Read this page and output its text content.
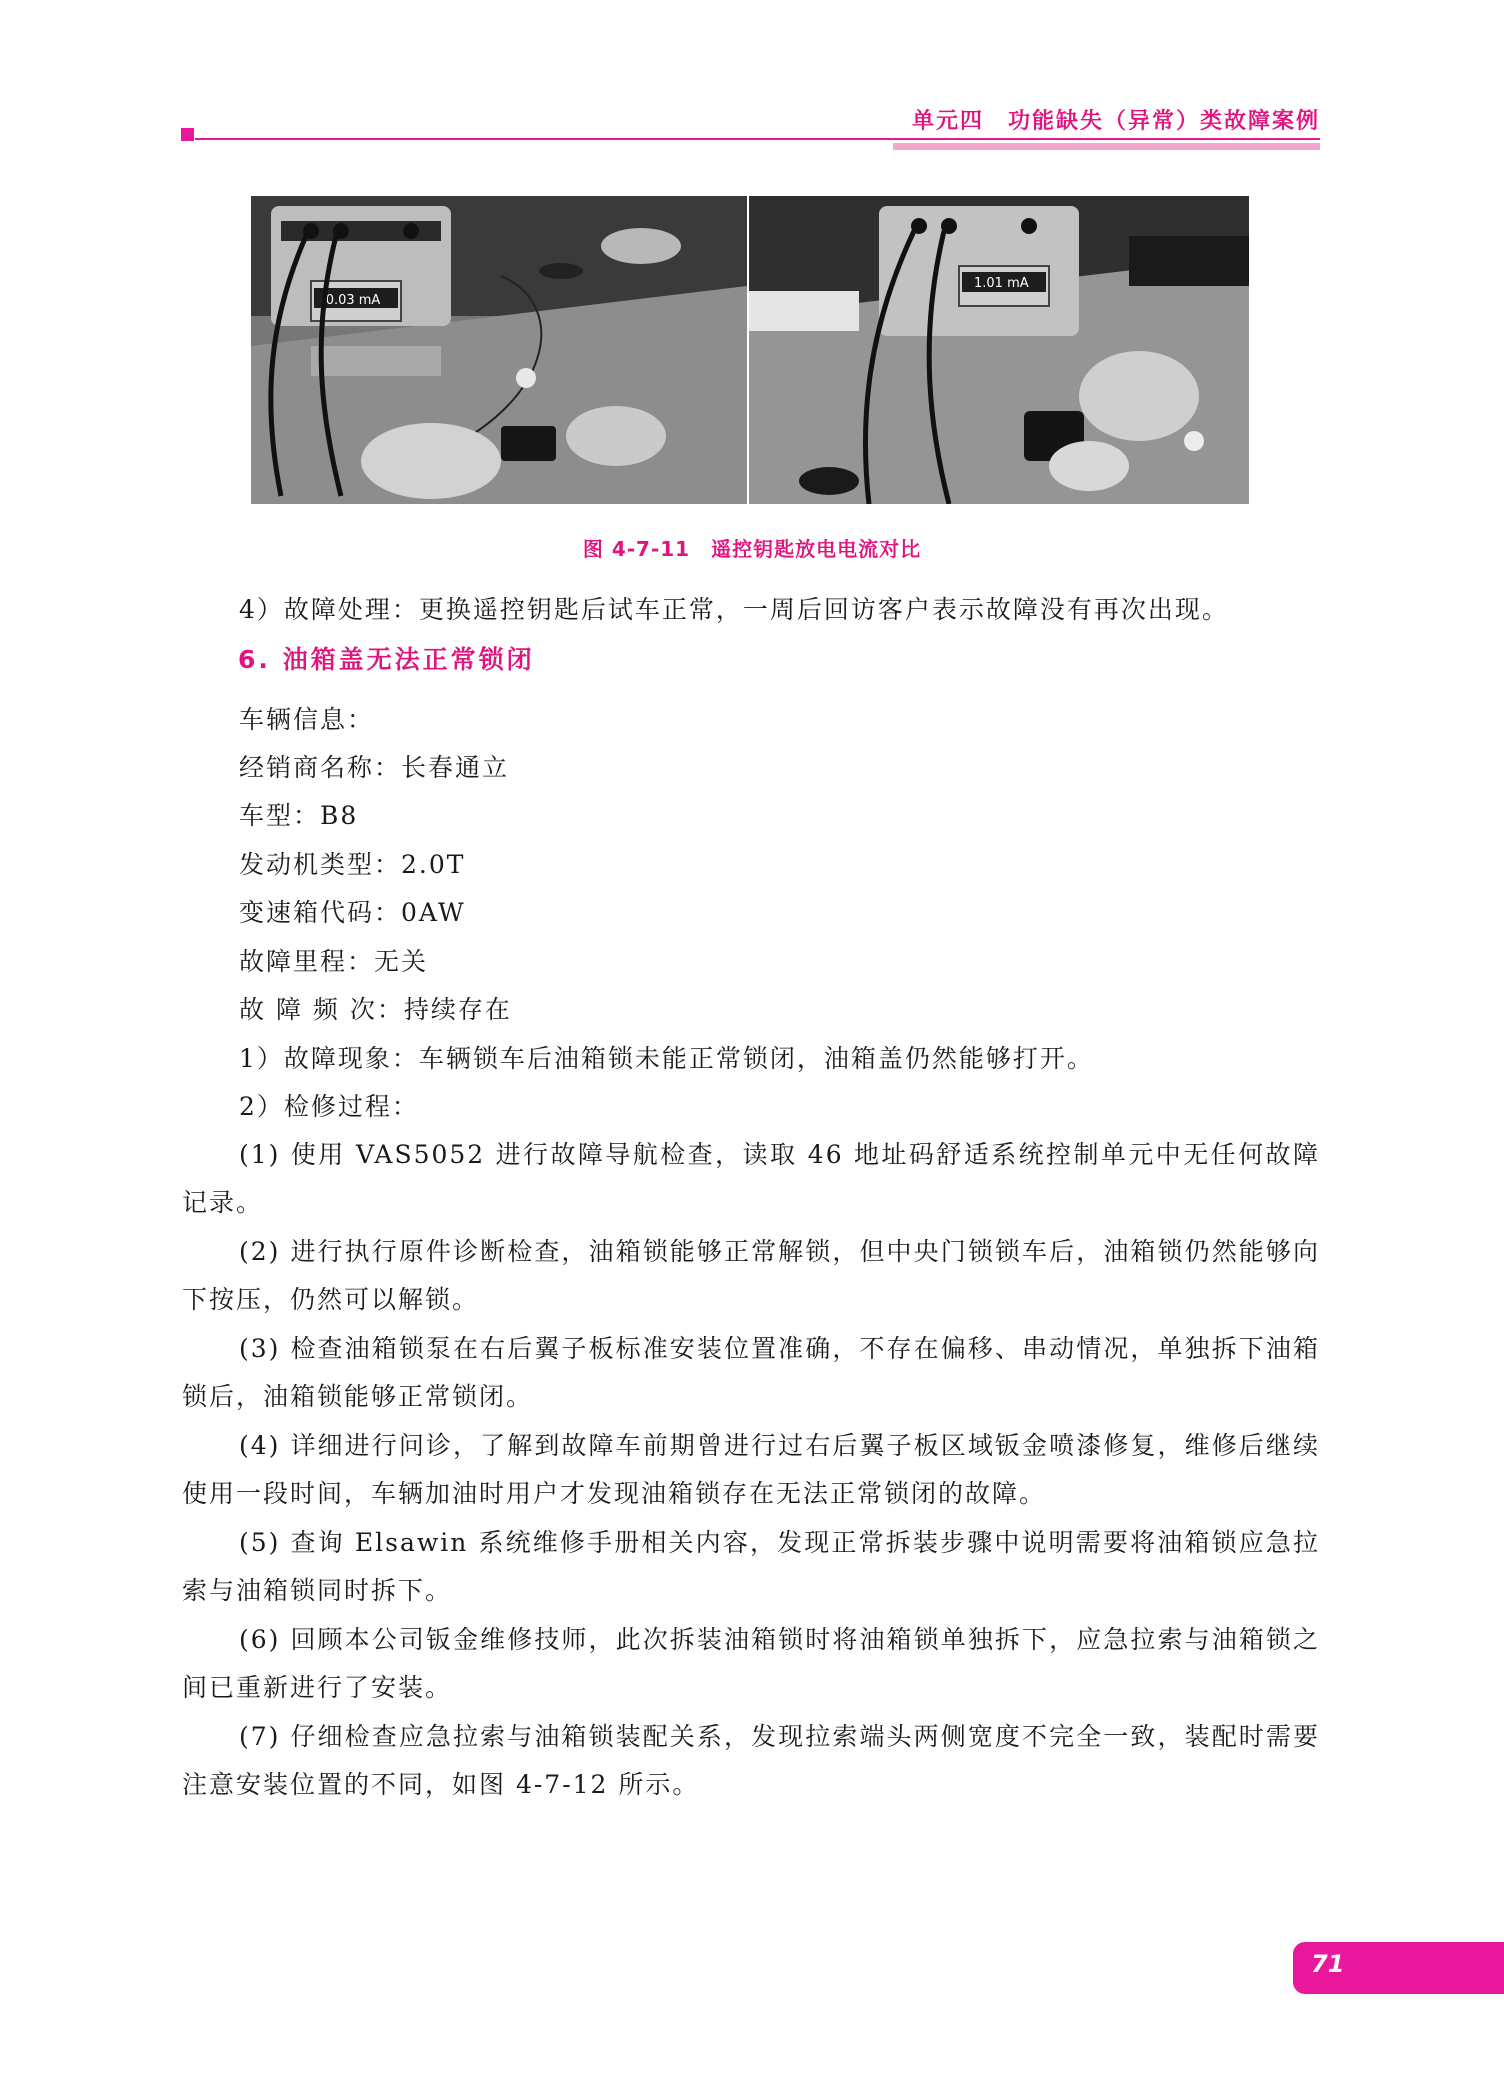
单元四　功能缺失（异常）类故障案例
-0.03 mA
1.01 mA
图 4-7-11　遥控钥匙放电电流对比
4）故障处理：更换遥控钥匙后试车正常，一周后回访客户表示故障没有再次出现。
6. 油箱盖无法正常锁闭
车辆信息：
经销商名称：长春通立
车型：B8
发动机类型：2.0T
变速箱代码：0AW
故障里程：无关
故 障 频 次：持续存在
1）故障现象：车辆锁车后油箱锁未能正常锁闭，油箱盖仍然能够打开。
2）检修过程：
(1) 使用 VAS5052 进行故障导航检查，读取 46 地址码舒适系统控制单元中无任何故障记录。
(2) 进行执行原件诊断检查，油箱锁能够正常解锁，但中央门锁锁车后，油箱锁仍然能够向下按压，仍然可以解锁。
(3) 检查油箱锁泵在右后翼子板标准安装位置准确，不存在偏移、串动情况，单独拆下油箱锁后，油箱锁能够正常锁闭。
(4) 详细进行问诊，了解到故障车前期曾进行过右后翼子板区域钣金喷漆修复，维修后继续使用一段时间，车辆加油时用户才发现油箱锁存在无法正常锁闭的故障。
(5) 查询 Elsawin 系统维修手册相关内容，发现正常拆装步骤中说明需要将油箱锁应急拉索与油箱锁同时拆下。
(6) 回顾本公司钣金维修技师，此次拆装油箱锁时将油箱锁单独拆下，应急拉索与油箱锁之间已重新进行了安装。
(7) 仔细检查应急拉索与油箱锁装配关系，发现拉索端头两侧宽度不完全一致，装配时需要注意安装位置的不同，如图 4-7-12 所示。
71
